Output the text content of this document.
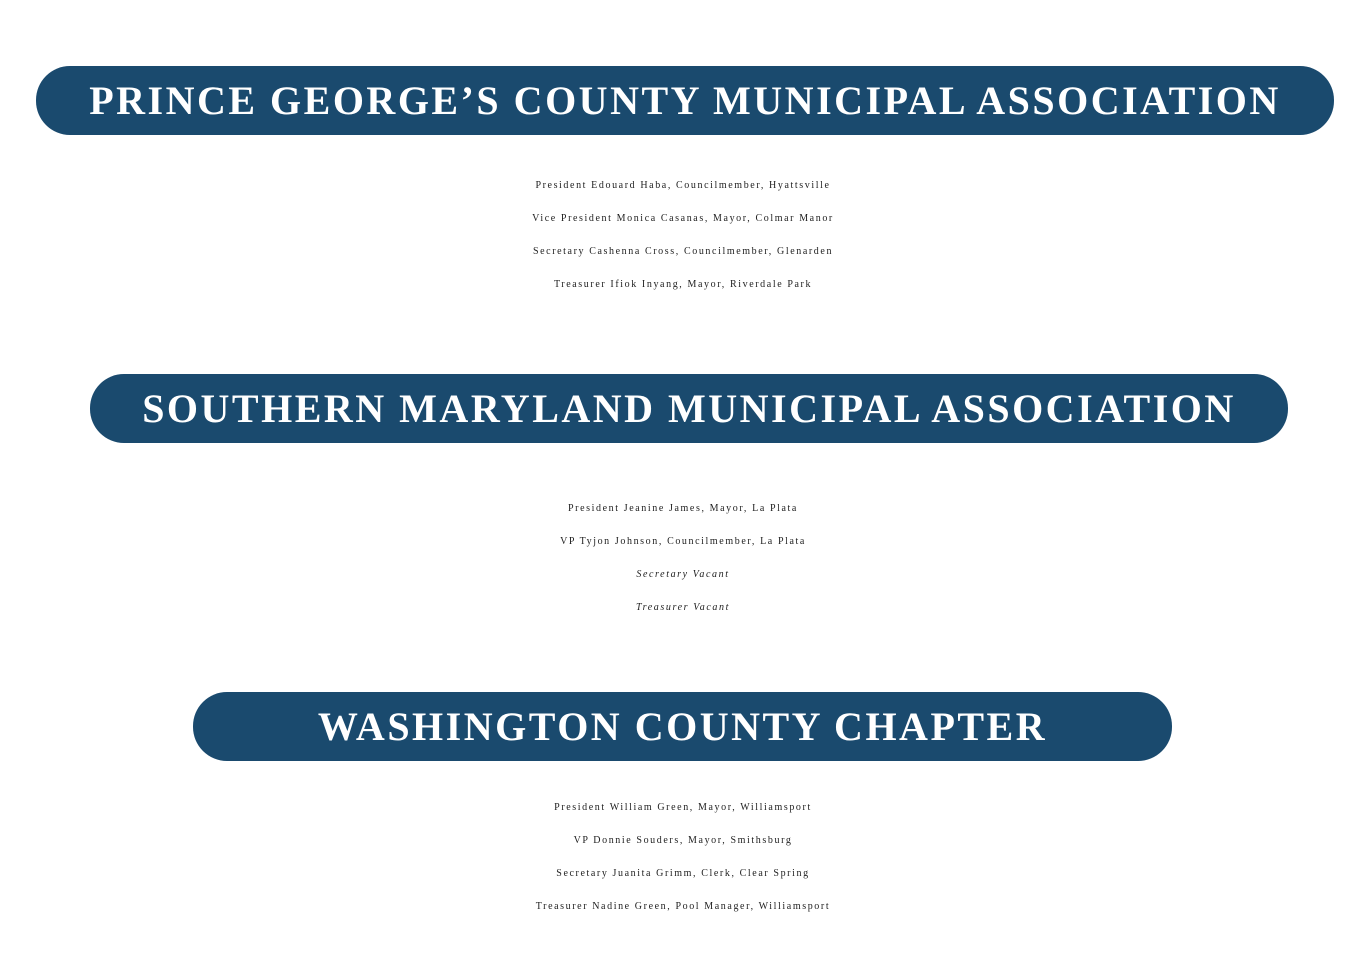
PRINCE GEORGE’S COUNTY MUNICIPAL ASSOCIATION
President Edouard Haba, Councilmember, Hyattsville
Vice President Monica Casanas, Mayor, Colmar Manor
Secretary Cashenna Cross, Councilmember, Glenarden
Treasurer Ifiok Inyang, Mayor, Riverdale Park
SOUTHERN MARYLAND MUNICIPAL ASSOCIATION
President Jeanine James, Mayor, La Plata
VP Tyjon Johnson, Councilmember, La Plata
Secretary Vacant
Treasurer Vacant
WASHINGTON COUNTY CHAPTER
President William Green, Mayor, Williamsport
VP Donnie Souders, Mayor, Smithsburg
Secretary Juanita Grimm, Clerk, Clear Spring
Treasurer Nadine Green, Pool Manager, Williamsport
